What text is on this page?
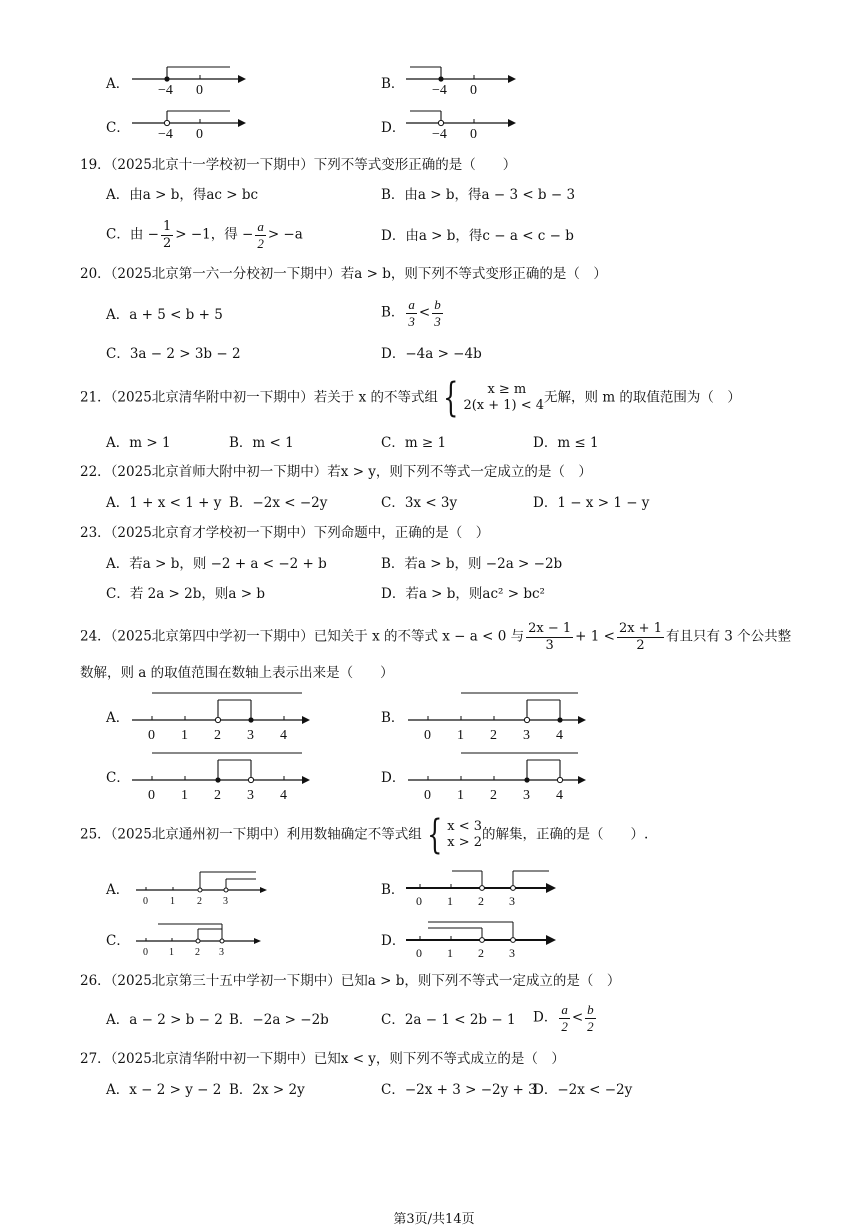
A． −4 0	B． −4 0
C． −4 0	D． −4 0
19．（2025北京十一学校初一下期中）下列不等式变形正确的是（　　）
A．由a > b，得ac > bc	B．由a > b，得a − 3 < b − 3
C．由 − $\frac{1}{2} > -1$，得 − $\frac{a}{2} > -a$	D．由a > b，得c − a < c − b
20．（2025北京第一六一分校初一下期中）若a > b，则下列不等式变形正确的是（　）
A．a + 5 < b + 5	B． $\frac{a}{3} < \frac{b}{3}$
C．3a − 2 > 3b − 2	D．−4a > −4b
21．（2025北京清华附中初一下期中）若关于 x 的不等式组 {	x ≥ m
2(x + 1) < 4 无解，则 m 的取值范围为（　）
A．m > 1	B．m < 1	C．m ≥ 1	D．m ≤ 1
22．（2025北京首师大附中初一下期中）若x > y，则下列不等式一定成立的是（　）
A．1 + x < 1 + y B．−2x < −2y	C．3x < 3y	D．1 − x > 1 − y
23．（2025北京育才学校初一下期中）下列命题中，正确的是（　）
A．若a > b，则 −2 + a < −2 + b	B．若a > b，则 −2a > −2b
C．若 2a > 2b，则a > b	D．若a > b，则ac² > bc²
24．（2025北京第四中学初一下期中）已知关于 x 的不等式 x − a < 0 与 $\frac{2x - 1}{3} + 1 < \frac{2x + 1}{2}$ 有且只有 3 个公共整
数解，则 a 的取值范围在数轴上表示出来是（　　）
A．
0 1 2 3 4
B．
0 1 2 3 4
C．
0 1 2 3 4
D．
0 1 2 3 4
25．（2025北京通州初一下期中）利用数轴确定不等式组 { x < 3
x > 2 的解集，正确的是（　　）.
A．
0 1 2 3
B．
0 1 2 3
C．
0 1 2 3
D．
0 1 2 3
26．（2025北京第三十五中学初一下期中）已知a > b，则下列不等式一定成立的是（　）
A．a − 2 > b − 2 B．−2a > −2b	C．2a − 1 < 2b − 1 D． $\frac{a}{2} < \frac{b}{2}$
27．（2025北京清华附中初一下期中）已知x < y，则下列不等式成立的是（　）
A．x − 2 > y − 2 B．2x > 2y	C．−2x + 3 > −2y + 3
D．−2x < −2y
第3页/共14页
